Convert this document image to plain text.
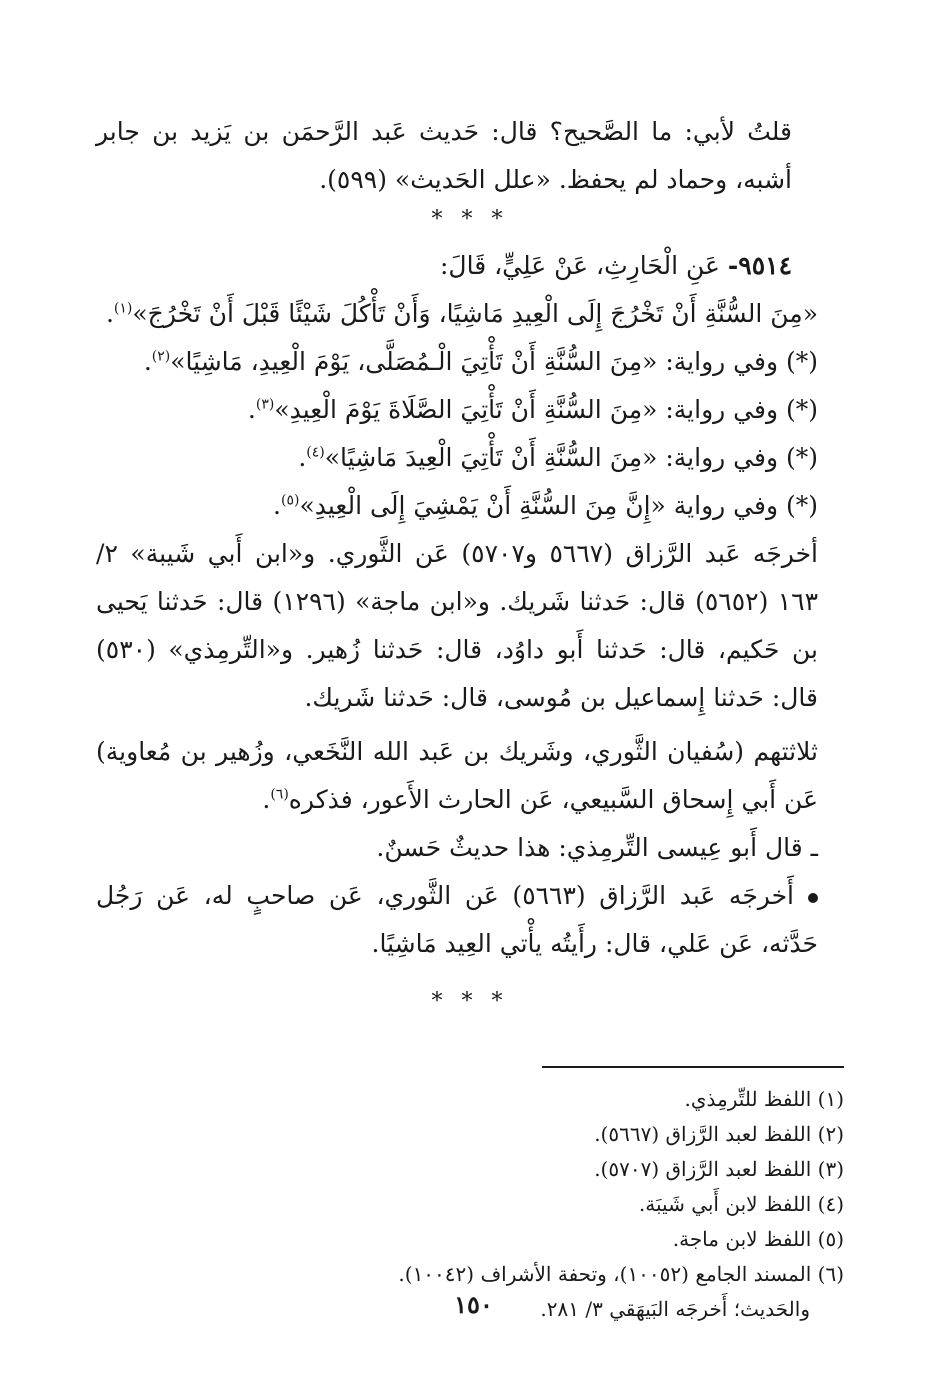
قلتُ لأبي: ما الصَّحيح؟ قال: حَديث عَبد الرَّحمَن بن يَزيد بن جابر أشبه، وحماد لم يحفظ. «علل الحَديث» (٥٩٩).

* * *

٩٥١٤- عَنِ الْحَارِثِ، عَنْ عَلِيٍّ، قَالَ:

«مِنَ السُّنَّةِ أَنْ تَخْرُجَ إِلَى الْعِيدِ مَاشِيًا، وَأَنْ تَأْكُلَ شَيْئًا قَبْلَ أَنْ تَخْرُجَ»$^{(١)}$.

(*) وفي رواية: «مِنَ السُّنَّةِ أَنْ تَأْتِيَ الْـمُصَلَّى، يَوْمَ الْعِيدِ، مَاشِيًا»$^{(٢)}$.

(*) وفي رواية: «مِنَ السُّنَّةِ أَنْ تَأْتِيَ الصَّلَاةَ يَوْمَ الْعِيدِ»$^{(٣)}$.

(*) وفي رواية: «مِنَ السُّنَّةِ أَنْ تَأْتِيَ الْعِيدَ مَاشِيًا»$^{(٤)}$.

(*) وفي رواية «إِنَّ مِنَ السُّنَّةِ أَنْ يَمْشِيَ إِلَى الْعِيدِ»$^{(٥)}$.

أخرجَه عَبد الرَّزاق (٥٦٦٧ و٥٧٠٧) عَن الثَّوري. و«ابن أَبي شَيبة» ٢/ ١٦٣ (٥٦٥٢) قال: حَدثنا شَريك. و«ابن ماجة» (١٢٩٦) قال: حَدثنا يَحيى بن حَكيم، قال: حَدثنا أَبو داوُد، قال: حَدثنا زُهير. و«التِّرمِذي» (٥٣٠) قال: حَدثنا إِسماعيل بن مُوسى، قال: حَدثنا شَريك.

ثلاثتهم (سُفيان الثَّوري، وشَريك بن عَبد الله النَّخَعي، وزُهير بن مُعاوية) عَن أَبي إِسحاق السَّبيعي، عَن الحارث الأَعور، فذكره$^{(٦)}$.

ـ قال أَبو عِيسى التِّرمِذي: هذا حديثٌ حَسنٌ.

أَخرجَه عَبد الرَّزاق (٥٦٦٣) عَن الثَّوري، عَن صاحبٍ له، عَن رَجُل حَدَّثه، عَن عَلي، قال: رأَيتُه يأْتي العِيد مَاشِيًا.

* * *

(١) اللفظ للتِّرمِذي.

(٢) اللفظ لعبد الرَّزاق (٥٦٦٧).

(٣) اللفظ لعبد الرَّزاق (٥٧٠٧).

(٤) اللفظ لابن أَبي شَيبَة.

(٥) اللفظ لابن ماجة.

(٦) المسند الجامع (١٠٠٥٢)، وتحفة الأشراف (١٠٠٤٢).

والحَديث؛ أَخرجَه البَيهَقي ٣/ ٢٨١.

١٥٠
